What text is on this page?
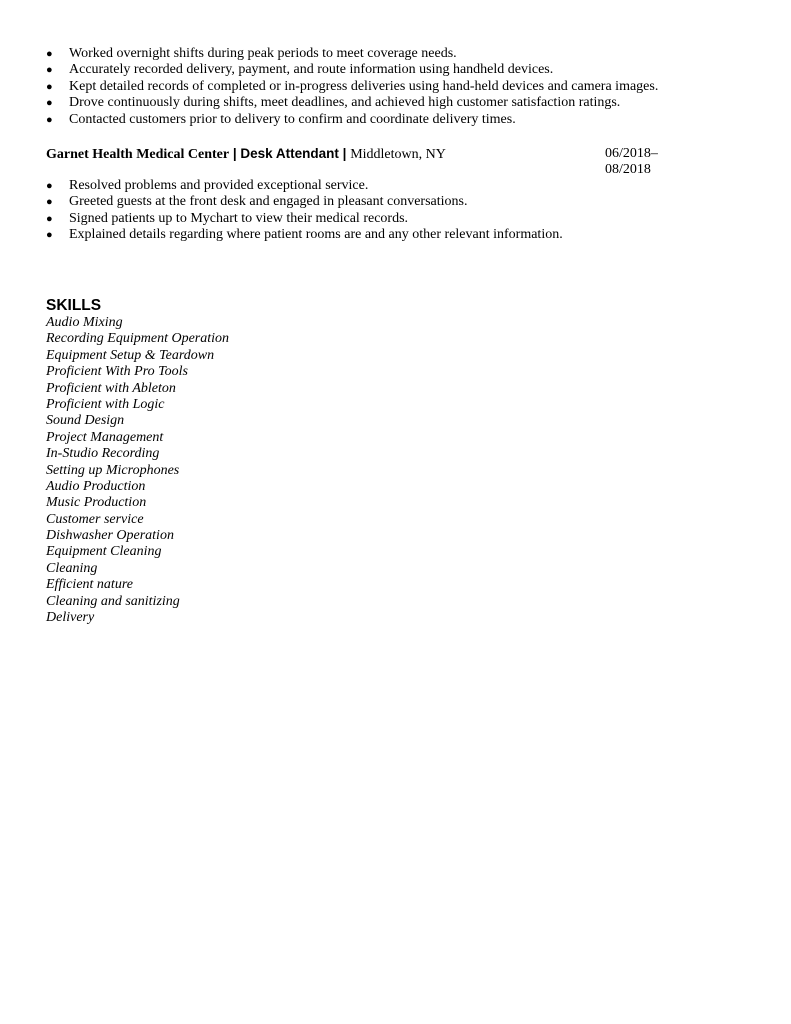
● Worked overnight shifts during peak periods to meet coverage needs.
● Accurately recorded delivery, payment, and route information using handheld devices.
● Kept detailed records of completed or in-progress deliveries using hand-held devices and camera images.
● Drove continuously during shifts, meet deadlines, and achieved high customer satisfaction ratings.
● Contacted customers prior to delivery to confirm and coordinate delivery times.
Garnet Health Medical Center | Desk Attendant | Middletown, NY	06/2018–
08/2018
● Resolved problems and provided exceptional service.
● Greeted guests at the front desk and engaged in pleasant conversations.
● Signed patients up to Mychart to view their medical records.
● Explained details regarding where patient rooms are and any other relevant information.
SKILLS
Audio Mixing
Recording Equipment Operation
Equipment Setup & Teardown
Proficient With Pro Tools
Proficient with Ableton
Proficient with Logic
Sound Design
Project Management
In-Studio Recording
Setting up Microphones
Audio Production
Music Production
Customer service
Dishwasher Operation
Equipment Cleaning
Cleaning
Efficient nature
Cleaning and sanitizing
Delivery
